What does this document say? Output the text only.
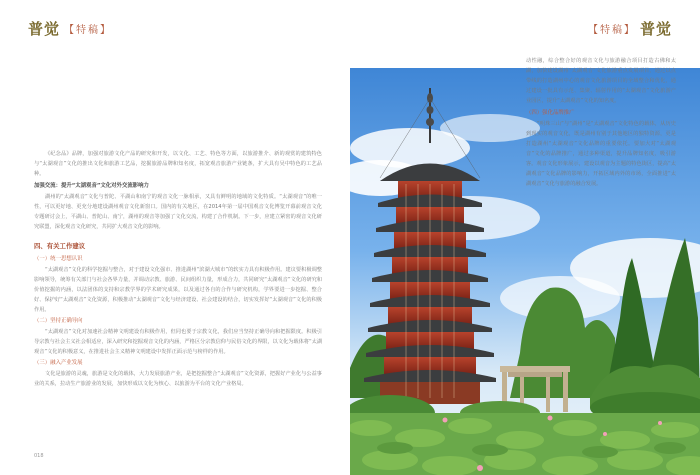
普觉 【特稿】

《纪念品》品牌，加强对旅游文化产品的研究和开发，以文化、工艺、特色等方面，以旅游推介、新的观赏的建筑特色与“太湖观音”文化的推出文化和旅游工艺品，挖掘旅游品牌和知名度，拓宽观音旅游产业链条，扩大具有吴中特色的工艺品种。

加强交流：提升“太湖观音”文化对外交流影响力

湖州的“太湖观音”文化与普陀、平湖山和南宁的观音文化一脉相承，又具有鲜明的地域的文化特质。“太湖观音”的唯一性，可以更好地、更充分地建设湖州观音文化新窗口。国内的有关地区，在2014年第一届中国观音文化博览开幕前观音文化专题研讨会上，平湖山、普陀山、南宁，湖州的观音等加强了文化交流，构建了合作机制。下一步，应建立紧密的观音文化研究联盟，深化观音文化研究，共同扩大观音文化的影响。

四、有关工作建议
（一）统一思想认识

“太湖观音”文化的科学挖掘与整合，对于建设文化强市、推进湖州“滨湖大城市”的软实力具有积极作用。建议要积极调整影响领导，统筹有关部门与社会各界力量，并调动宗教、旅游、民间组织力量，形成合力，共同研究“太湖观音”文化的研究和价值挖掘的内涵，以法团体的支持和宗教学界的学术研究成果，以及通过各自的合作与研究机构，学界要进一步挖掘、整合好、保护好“太湖观音”文化资源，积极推动“太湖观音”文化与经济建设、社会建设的结合，切实发挥好“太湖观音”文化的积极作用。

（二）坚持正确导向

“太湖观音”文化对加速社会精神文明建设有积极作用，但同也要于宗教文化，我们应当坚持正确导向和把握限度。积极引导宗教与社会主义社会相适应，深入研究和挖掘观音文化的内涵，严格区分宗教信仰与民俗文化的界限，以文化为载体将“太湖观音”文化的积极意义，在推进社会主义精神文明建设中发挥正面示范与榜样的作用。

（三）融入产业发展

文化是旅游的灵魂，旅游是文化的载体，大力发展旅游产业，是把挖掘整合“太湖观音”文化资源，把握好产业化与公益事业的关系，拉动生产旅游业的发展，加快形成以文化为核心、以旅游为平台的文化产业格局。

018
【特稿】 普觉

动性融，综合整合好的观音文化与旅游融合项目打造古佛和太湖，加快建设湖州“太湖观音”文化旅游重点发展项目，通过以点带线的打造湖州中心的观音文化旅游项目的全域整合和优化，通过建设一批具有示范、集聚、辐射作用的“太湖观音”文化旅游产业园区，提升“太湖观音”文化的知名度。

（四）强化品牌推广

“明珠三山”与“湖州”是“太湖观音”文化特色的载体，从历史到现实的观音文化，既是湖州有别于其他地区的独特资源，更是打造湖州“太湖观音”文化品牌的重要依托。要加大对“太湖观音”文化的品牌推广，通过多种渠道，提升品牌知名度，吸引游客。观音文化形象展示，建设以观音为主题的特色街区，提高“太湖观音”文化品牌的影响力，开拓区域内外的市场，全面推进“太湖观音”文化与旅游的融合发展。
